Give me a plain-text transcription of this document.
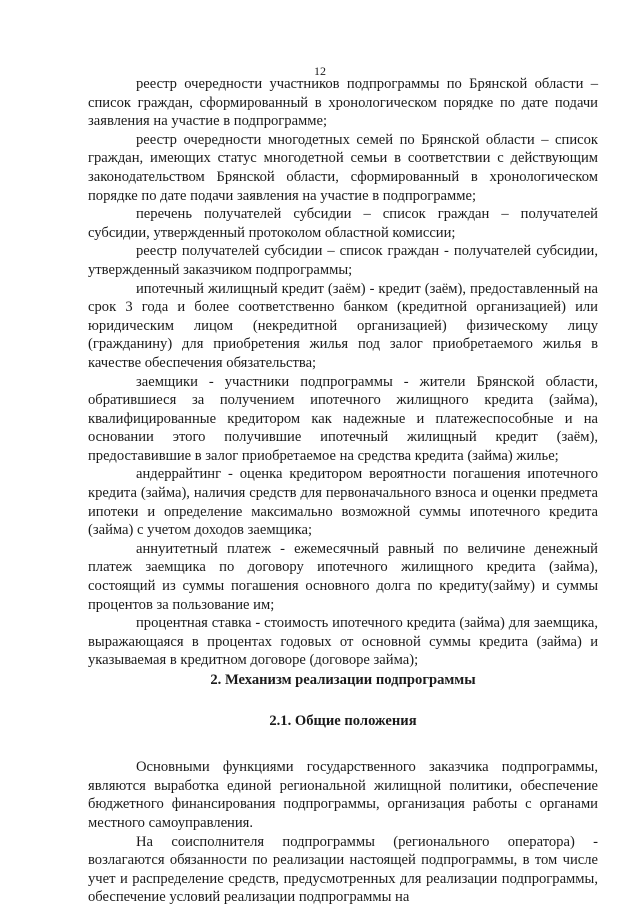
12

реестр очередности участников подпрограммы по Брянской области – список граждан, сформированный в хронологическом порядке по дате подачи заявления на участие в подпрограмме;

реестр очередности многодетных семей по Брянской области – список граждан, имеющих статус многодетной семьи в соответствии с действующим законодательством Брянской области, сформированный в хронологическом порядке по дате подачи заявления на участие в подпрограмме;

перечень получателей субсидии – список граждан – получателей субсидии, утвержденный протоколом областной комиссии;

реестр получателей субсидии – список граждан - получателей субсидии, утвержденный заказчиком подпрограммы;

ипотечный жилищный кредит (заём) - кредит (заём), предоставленный на срок 3 года и более соответственно банком (кредитной организацией) или юридическим лицом (некредитной организацией) физическому лицу (гражданину) для приобретения жилья под залог приобретаемого жилья в качестве обеспечения обязательства;

заемщики - участники подпрограммы - жители Брянской области, обратившиеся за получением ипотечного жилищного кредита (займа), квалифицированные кредитором как надежные и платежеспособные и на основании этого получившие ипотечный жилищный кредит (заём), предоставившие в залог приобретаемое на средства кредита (займа) жилье;

андеррайтинг - оценка кредитором вероятности погашения ипотечного кредита (займа), наличия средств для первоначального взноса и оценки предмета ипотеки и определение максимально возможной суммы ипотечного кредита (займа) с учетом доходов заемщика;

аннуитетный платеж - ежемесячный равный по величине денежный платеж заемщика по договору ипотечного жилищного кредита (займа), состоящий из суммы погашения основного долга по кредиту(займу) и суммы процентов за пользование им;

процентная ставка - стоимость ипотечного кредита (займа) для заемщика, выражающаяся в процентах годовых от основной суммы кредита (займа) и указываемая в кредитном договоре (договоре займа);

2. Механизм реализации подпрограммы
2.1. Общие положения

Основными функциями государственного заказчика подпрограммы, являются выработка единой региональной жилищной политики, обеспечение бюджетного финансирования подпрограммы, организация работы с органами местного самоуправления.

На соисполнителя подпрограммы (регионального оператора) - возлагаются обязанности по реализации настоящей подпрограммы, в том числе учет и распределение средств, предусмотренных для реализации подпрограммы, обеспечение условий реализации подпрограммы на
